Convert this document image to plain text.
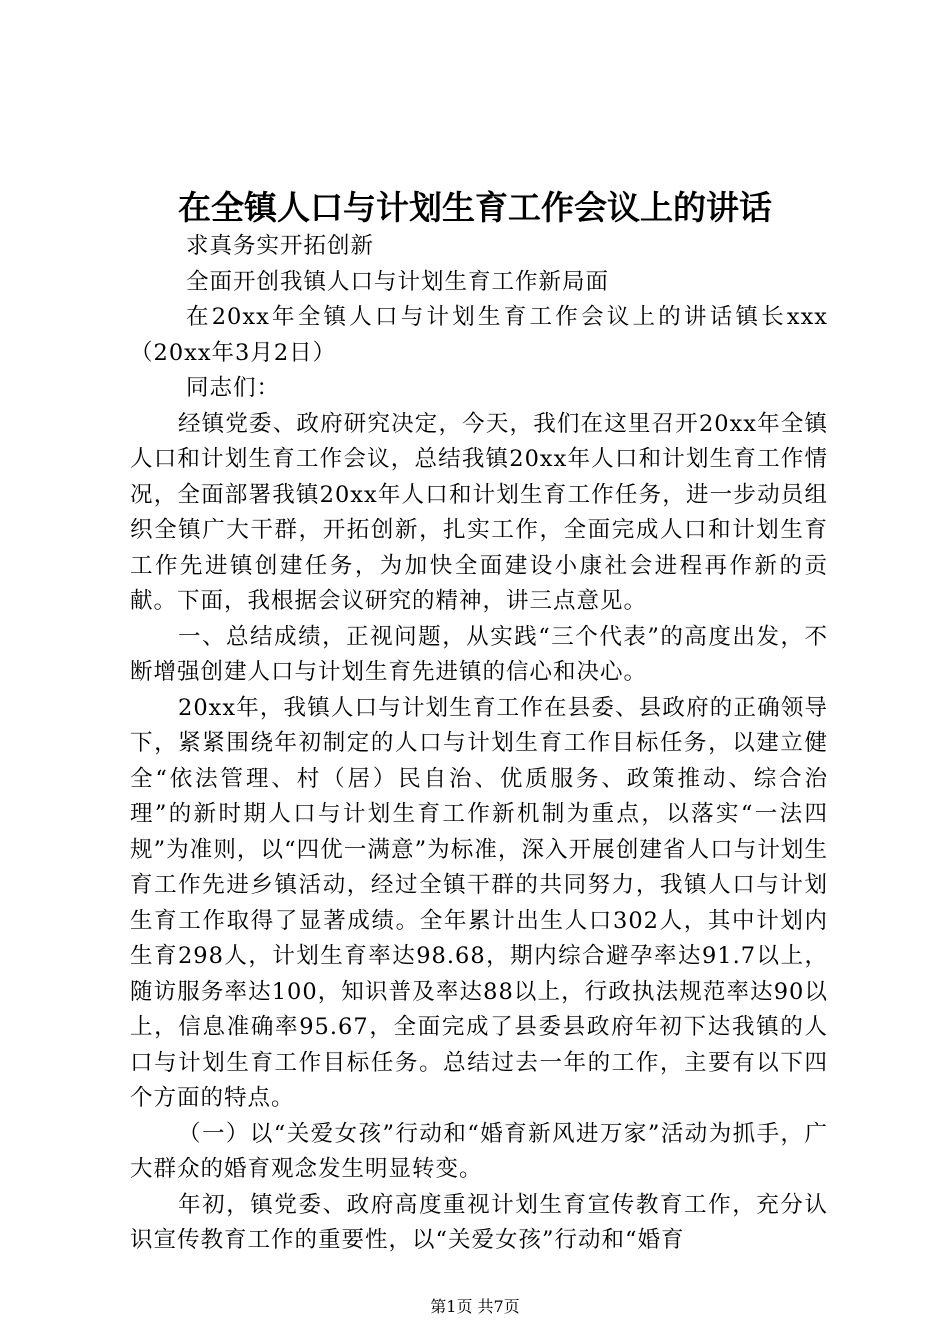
在全镇人口与计划生育工作会议上的讲话

求真务实开拓创新

全面开创我镇人口与计划生育工作新局面

在20xx年全镇人口与计划生育工作会议上的讲话镇长xxx（20xx年3月2日）

同志们：

经镇党委、政府研究决定，今天，我们在这里召开20xx年全镇人口和计划生育工作会议，总结我镇20xx年人口和计划生育工作情况，全面部署我镇20xx年人口和计划生育工作任务，进一步动员组织全镇广大干群，开拓创新，扎实工作，全面完成人口和计划生育工作先进镇创建任务，为加快全面建设小康社会进程再作新的贡献。下面，我根据会议研究的精神，讲三点意见。

一、总结成绩，正视问题，从实践“三个代表”的高度出发，不断增强创建人口与计划生育先进镇的信心和决心。

20xx年，我镇人口与计划生育工作在县委、县政府的正确领导下，紧紧围绕年初制定的人口与计划生育工作目标任务，以建立健全“依法管理、村（居）民自治、优质服务、政策推动、综合治理”的新时期人口与计划生育工作新机制为重点，以落实“一法四规”为准则，以“四优一满意”为标准，深入开展创建省人口与计划生育工作先进乡镇活动，经过全镇干群的共同努力，我镇人口与计划生育工作取得了显著成绩。全年累计出生人口302人，其中计划内生育298人，计划生育率达98.68，期内综合避孕率达91.7以上，随访服务率达100，知识普及率达88以上，行政执法规范率达90以上，信息准确率95.67，全面完成了县委县政府年初下达我镇的人口与计划生育工作目标任务。总结过去一年的工作，主要有以下四个方面的特点。

（一）以“关爱女孩”行动和“婚育新风进万家”活动为抓手，广大群众的婚育观念发生明显转变。

年初，镇党委、政府高度重视计划生育宣传教育工作，充分认识宣传教育工作的重要性，以“关爱女孩”行动和“婚育

第1页 共7页
